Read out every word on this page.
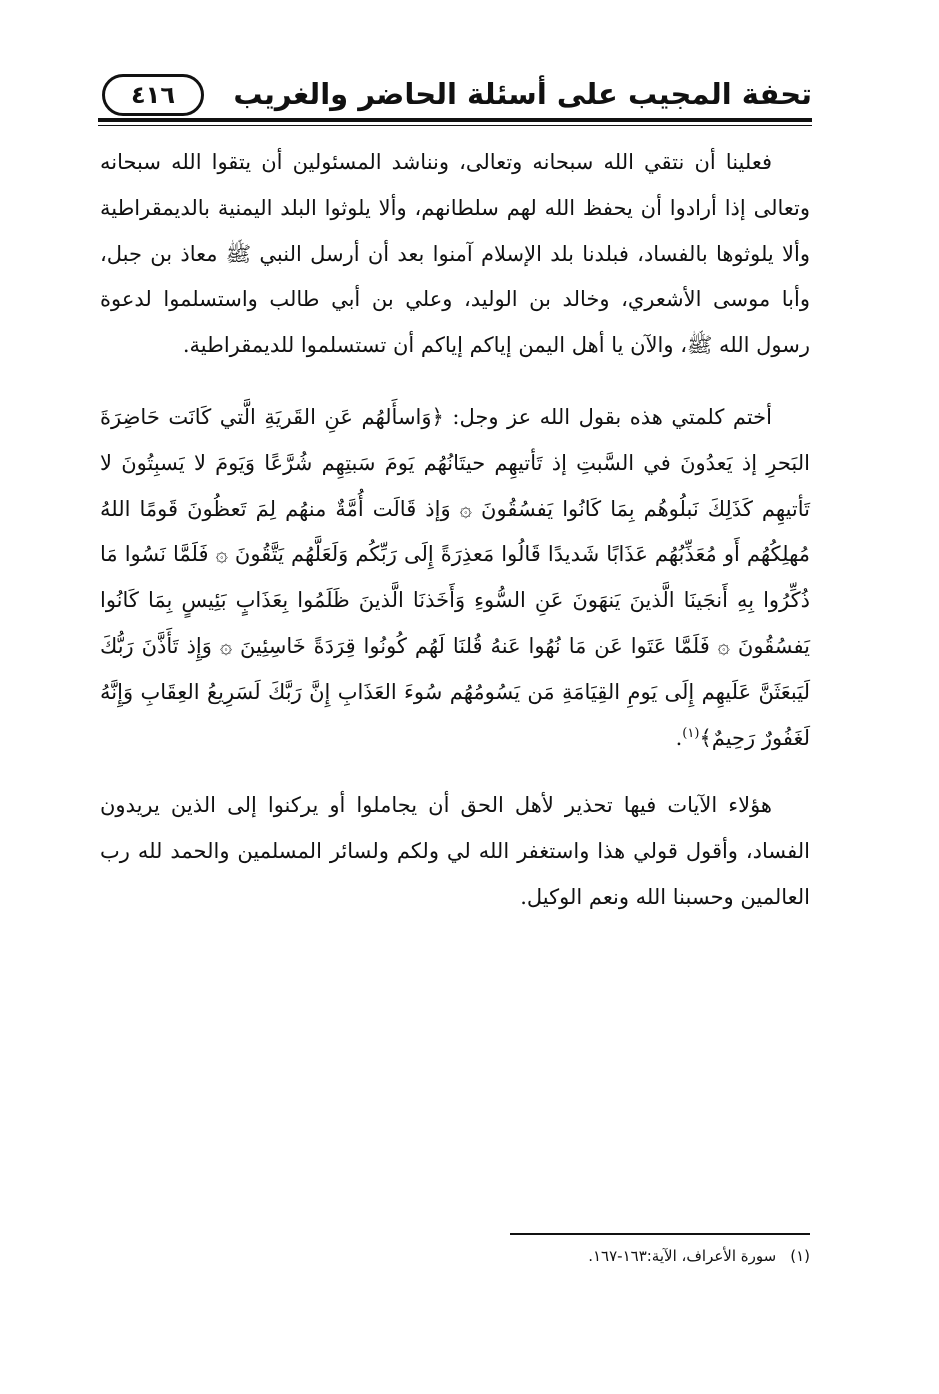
تحفة المجيب على أسئلة الحاضر والغريب
٤١٦

فعلينا أن نتقي الله سبحانه وتعالى، ونناشد المسئولين أن يتقوا الله سبحانه وتعالى إذا أرادوا أن يحفظ الله لهم سلطانهم، وألا يلوثوا البلد اليمنية بالديمقراطية وألا يلوثوها بالفساد، فبلدنا بلد الإسلام آمنوا بعد أن أرسل النبي ﷺ معاذ بن جبل، وأبا موسى الأشعري، وخالد بن الوليد، وعلي بن أبي طالب واستسلموا لدعوة رسول الله ﷺ، والآن يا أهل اليمن إياكم إياكم أن تستسلموا للديمقراطية.

أختم كلمتي هذه بقول الله عز وجل: ﴿وَاسأَلهُم عَنِ القَريَةِ الَّتي كَانَت حَاضِرَةَ البَحرِ إذ يَعدُونَ في السَّبتِ إذ تَأتيهِم حيتَانُهُم يَومَ سَبتِهِم شُرَّعًا وَيَومَ لا يَسبِتُونَ لا تَأتيهِم كَذَلِكَ نَبلُوهُم بِمَا كَانُوا يَفسُقُونَ ۞ وَإذ قَالَت أُمَّةٌ منهُم لِمَ تَعظُونَ قَومًا اللهُ مُهلِكُهُم أَو مُعَذِّبُهُم عَذَابًا شَديدًا قَالُوا مَعذِرَةً إِلَى رَبِّكُم وَلَعَلَّهُم يَتَّقُونَ ۞ فَلَمَّا نَسُوا مَا ذُكِّرُوا بِهِ أَنجَينَا الَّذينَ يَنهَونَ عَنِ السُّوءِ وَأَخَذنَا الَّذينَ ظَلَمُوا بِعَذَابٍ بَئِيسٍ بِمَا كَانُوا يَفسُقُونَ ۞ فَلَمَّا عَتَوا عَن مَا نُهُوا عَنهُ قُلنَا لَهُم كُونُوا قِرَدَةً خَاسِئِينَ ۞ وَإِذ تَأَذَّنَ رَبُّكَ لَيَبعَثَنَّ عَلَيهِم إِلَى يَومِ القِيَامَةِ مَن يَسُومُهُم سُوءَ العَذَابِ إِنَّ رَبَّكَ لَسَرِيعُ العِقَابِ وَإِنَّهُ لَغَفُورٌ رَحِيمٌ﴾$^{(١)}$.

هؤلاء الآيات فيها تحذير لأهل الحق أن يجاملوا أو يركنوا إلى الذين يريدون الفساد، وأقول قولي هذا واستغفر الله لي ولكم ولسائر المسلمين والحمد لله رب العالمين وحسبنا الله ونعم الوكيل.

(١)سورة الأعراف، الآية:١٦٣-١٦٧.
